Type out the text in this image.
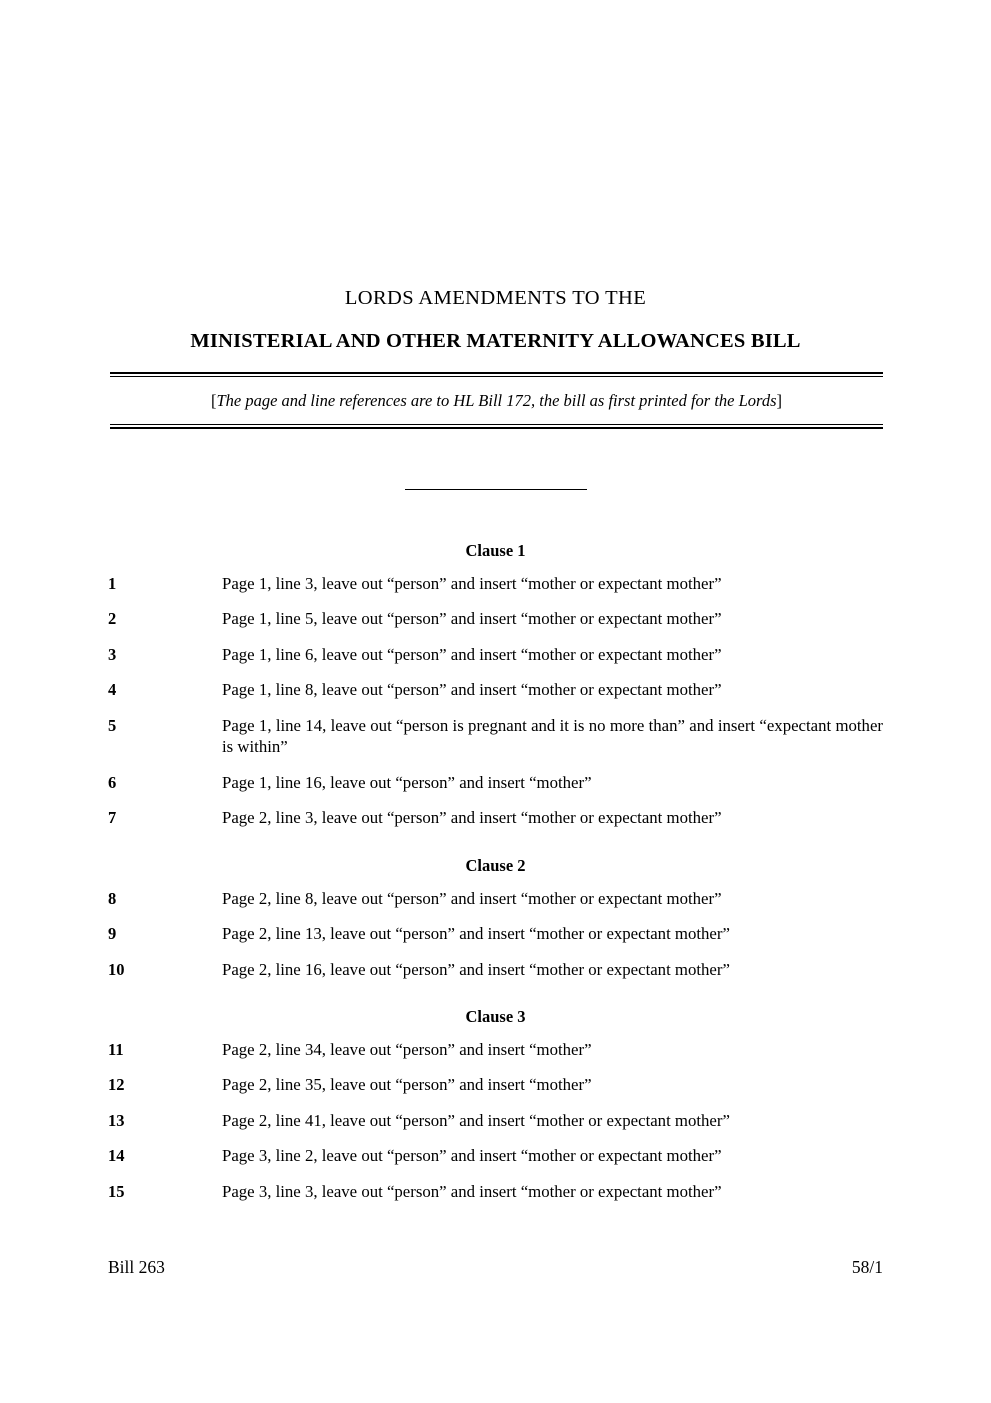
LORDS AMENDMENTS TO THE
MINISTERIAL AND OTHER MATERNITY ALLOWANCES BILL
[The page and line references are to HL Bill 172, the bill as first printed for the Lords]
Clause 1
1	Page 1, line 3, leave out “person” and insert “mother or expectant mother”
2	Page 1, line 5, leave out “person” and insert “mother or expectant mother”
3	Page 1, line 6, leave out “person” and insert “mother or expectant mother”
4	Page 1, line 8, leave out “person” and insert “mother or expectant mother”
5	Page 1, line 14, leave out “person is pregnant and it is no more than” and insert “expectant mother is within”
6	Page 1, line 16, leave out “person” and insert “mother”
7	Page 2, line 3, leave out “person” and insert “mother or expectant mother”
Clause 2
8	Page 2, line 8, leave out “person” and insert “mother or expectant mother”
9	Page 2, line 13, leave out “person” and insert “mother or expectant mother”
10	Page 2, line 16, leave out “person” and insert “mother or expectant mother”
Clause 3
11	Page 2, line 34, leave out “person” and insert “mother”
12	Page 2, line 35, leave out “person” and insert “mother”
13	Page 2, line 41, leave out “person” and insert “mother or expectant mother”
14	Page 3, line 2, leave out “person” and insert “mother or expectant mother”
15	Page 3, line 3, leave out “person” and insert “mother or expectant mother”
Bill 263	58/1
